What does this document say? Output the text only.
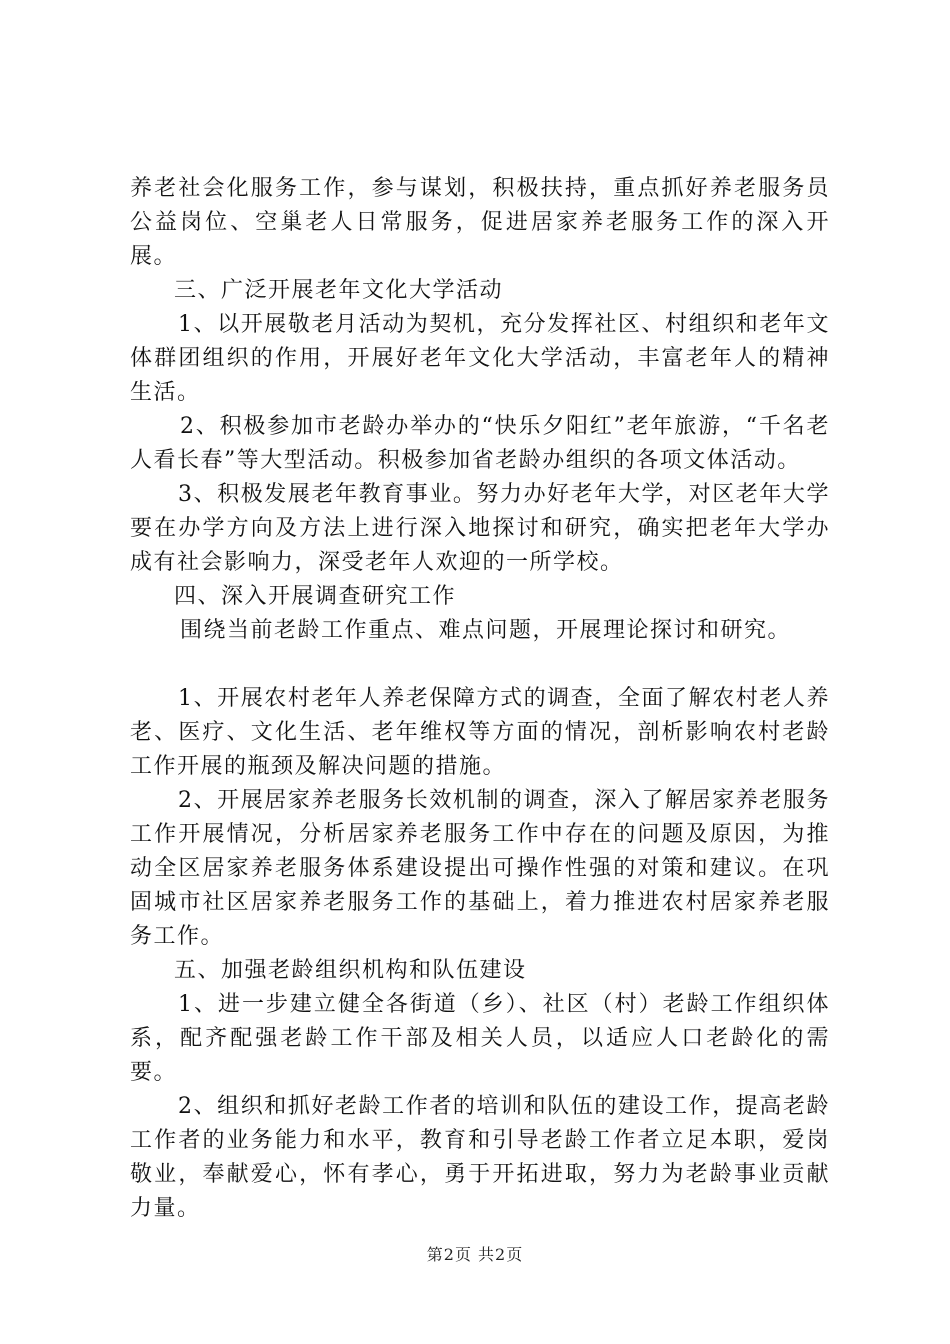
养老社会化服务工作，参与谋划，积极扶持，重点抓好养老服务员公益岗位、空巢老人日常服务，促进居家养老服务工作的深入开展。

三、广泛开展老年文化大学活动

1、以开展敬老月活动为契机，充分发挥社区、村组织和老年文体群团组织的作用，开展好老年文化大学活动，丰富老年人的精神生活。

2、积极参加市老龄办举办的“快乐夕阳红”老年旅游，“千名老人看长春”等大型活动。积极参加省老龄办组织的各项文体活动。

3、积极发展老年教育事业。努力办好老年大学，对区老年大学要在办学方向及方法上进行深入地探讨和研究，确实把老年大学办成有社会影响力，深受老年人欢迎的一所学校。

四、深入开展调查研究工作

围绕当前老龄工作重点、难点问题，开展理论探讨和研究。

1、开展农村老年人养老保障方式的调查，全面了解农村老人养老、医疗、文化生活、老年维权等方面的情况，剖析影响农村老龄工作开展的瓶颈及解决问题的措施。

2、开展居家养老服务长效机制的调查，深入了解居家养老服务工作开展情况，分析居家养老服务工作中存在的问题及原因，为推动全区居家养老服务体系建设提出可操作性强的对策和建议。在巩固城市社区居家养老服务工作的基础上，着力推进农村居家养老服务工作。

五、加强老龄组织机构和队伍建设

1、进一步建立健全各街道（乡）、社区（村）老龄工作组织体系，配齐配强老龄工作干部及相关人员，以适应人口老龄化的需要。

2、组织和抓好老龄工作者的培训和队伍的建设工作，提高老龄工作者的业务能力和水平，教育和引导老龄工作者立足本职，爱岗敬业，奉献爱心，怀有孝心，勇于开拓进取，努力为老龄事业贡献力量。

第2页 共2页
